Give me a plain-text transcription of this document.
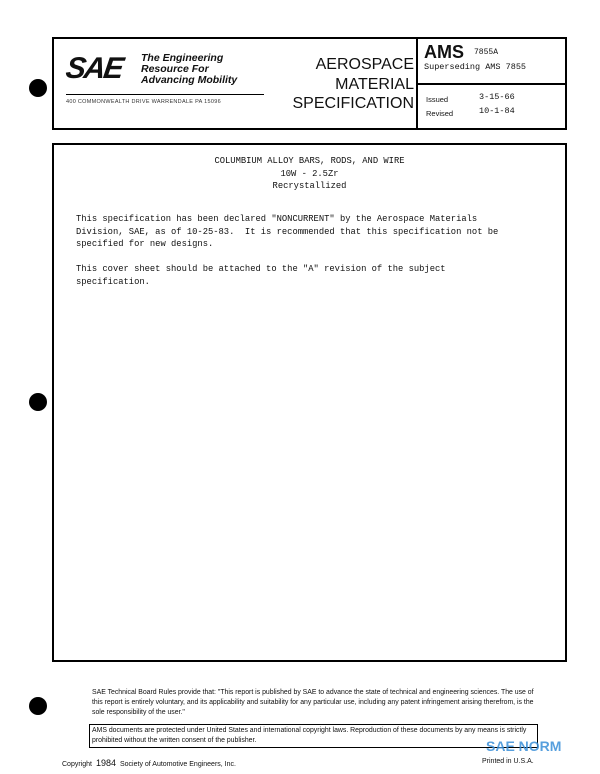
SAE The Engineering
Resource For
Advancing Mobility
400 COMMONWEALTH DRIVE WARRENDALE PA 15096
AEROSPACE
MATERIAL
SPECIFICATION
AMS 7855A
Superseding AMS 7855
Issued	3-15-66
Revised	10-1-84
COLUMBIUM ALLOY BARS, RODS, AND WIRE
10W - 2.5Zr
Recrystallized
This specification has been declared "NONCURRENT" by the Aerospace Materials
Division, SAE, as of 10-25-83.  It is recommended that this specification not be
specified for new designs.
This cover sheet should be attached to the "A" revision of the subject
specification.
SAE Technical Board Rules provide that: "This report is published by SAE to advance the state of technical and engineering sciences. The use of this report is entirely voluntary, and its applicability and suitability for any particular use, including any patent infringement arising therefrom, is the sole responsibility of the user."
AMS documents are protected under United States and international copyright laws. Reproduction of these documents by any means is strictly prohibited without the written consent of the publisher.
Copyright 1984 Society of Automotive Engineers, Inc.
SAE NORM
Printed in U.S.A.
